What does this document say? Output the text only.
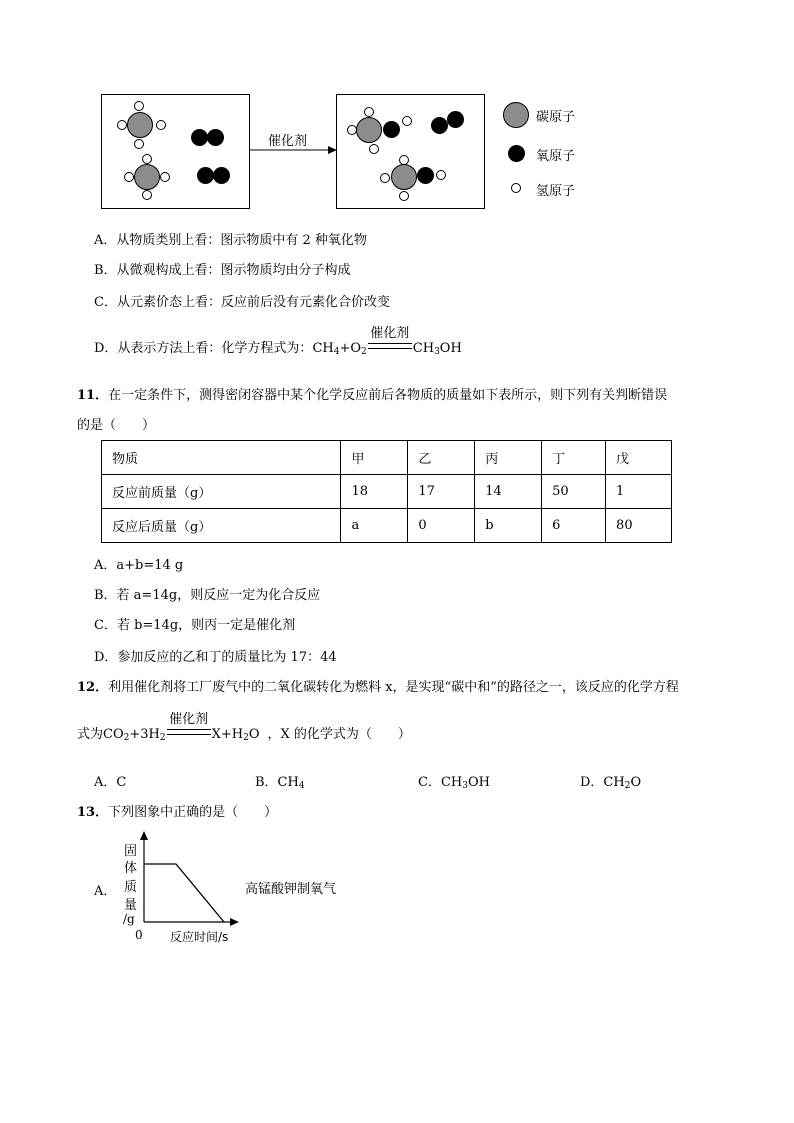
催化剂
碳原子
氧原子
氢原子
A．从物质类别上看：图示物质中有 2 种氧化物
B．从微观构成上看：图示物质均由分子构成
C．从元素价态上看：反应前后没有元素化合价改变
D．从表示方法上看：化学方程式为：$CH_4+O_2$
催化剂
$CH_3OH$
11．在一定条件下，测得密闭容器中某个化学反应前后各物质的质量如下表所示，则下列有关判断错误
的是（　　）
物质	甲	乙	丙	丁	戊
反应前质量（g）	18	17	14	50	1
反应后质量（g）	a	0	b	6	80
A．a+b=14 g
B．若 a=14g，则反应一定为化合反应
C．若 b=14g，则丙一定是催化剂
D．参加反应的乙和丁的质量比为 17：44
12．利用催化剂将工厂废气中的二氧化碳转化为燃料 x，是实现“碳中和”的路径之一，该反应的化学方程
式为$CO_2+3H_2$
催化剂
$X+H_2O$ ，X 的化学式为（　　）
A．C	B．$CH_4$	C．$CH_3OH$	D．$CH_2O$
13．下列图象中正确的是（　　）
A．
固
体
质
量
/g
0 反应时间/s
高锰酸钾制氧气
